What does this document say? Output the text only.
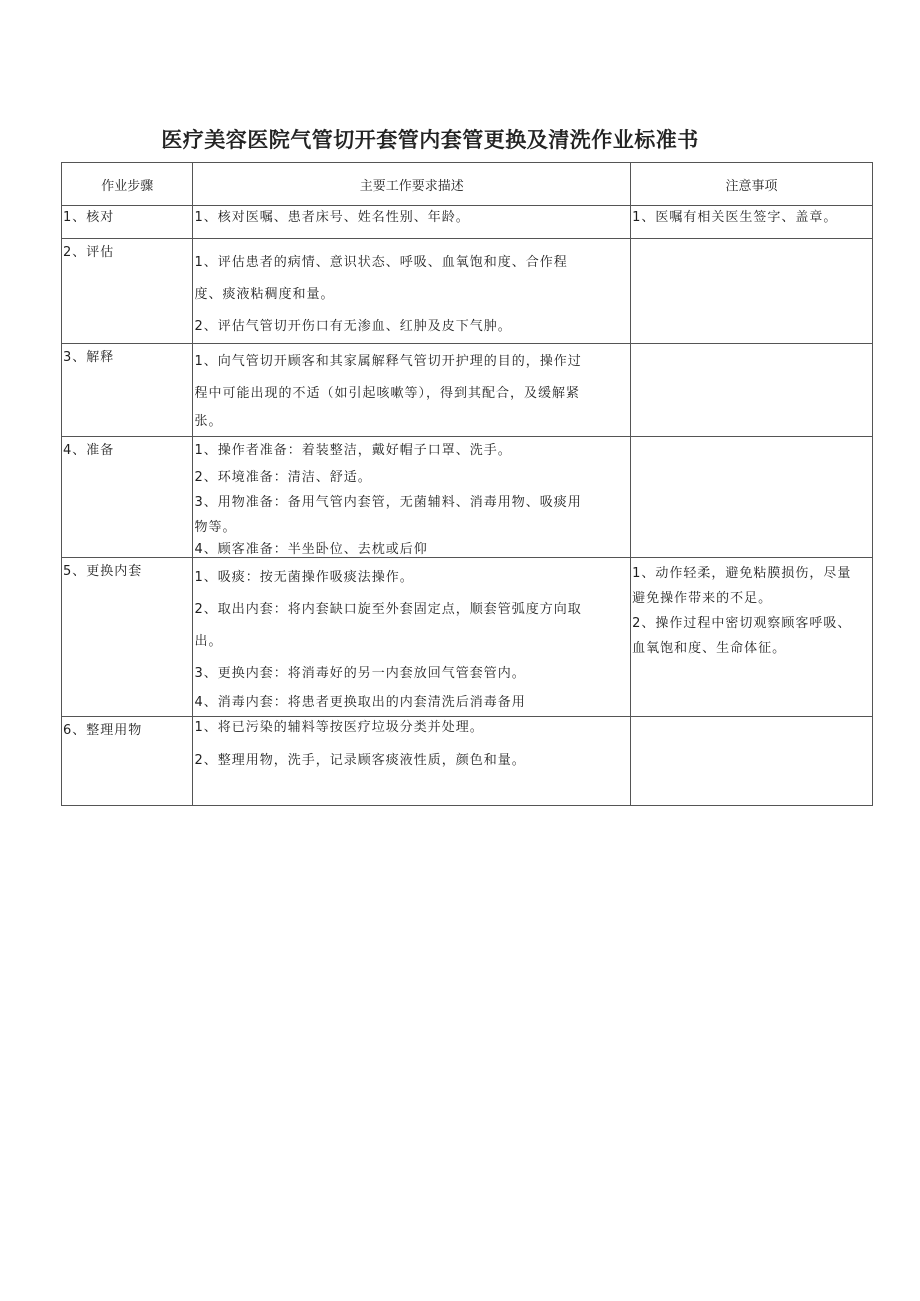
医疗美容医院气管切开套管内套管更换及清洗作业标准书
作业步骤	主要工作要求描述	注意事项

1、核对	1、核对医嘱、患者床号、姓名性别、年龄。	1、医嘱有相关医生签字、盖章。

2、评估	1、评估患者的病情、意识状态、呼吸、血氧饱和度、合作程
度、痰液粘稠度和量。
2、评估气管切开伤口有无渗血、红肿及皮下气肿。	

3、解释	1、向气管切开顾客和其家属解释气管切开护理的目的，操作过
程中可能出现的不适（如引起咳嗽等），得到其配合，及缓解紧
张。	

4、准备	1、操作者准备：着装整洁，戴好帽子口罩、洗手。
2、环境准备：清洁、舒适。
3、用物准备：备用气管内套管，无菌辅料、消毒用物、吸痰用
物等。
4、顾客准备：半坐卧位、去枕或后仰	

5、更换内套	1、吸痰：按无菌操作吸痰法操作。
2、取出内套：将内套缺口旋至外套固定点，顺套管弧度方向取
出。
3、更换内套：将消毒好的另一内套放回气管套管内。
4、消毒内套：将患者更换取出的内套清洗后消毒备用	1、动作轻柔，避免粘膜损伤，尽量
避免操作带来的不足。
2、操作过程中密切观察顾客呼吸、
血氧饱和度、生命体征。

6、整理用物	1、将已污染的辅料等按医疗垃圾分类并处理。
2、整理用物，洗手，记录顾客痰液性质，颜色和量。	
